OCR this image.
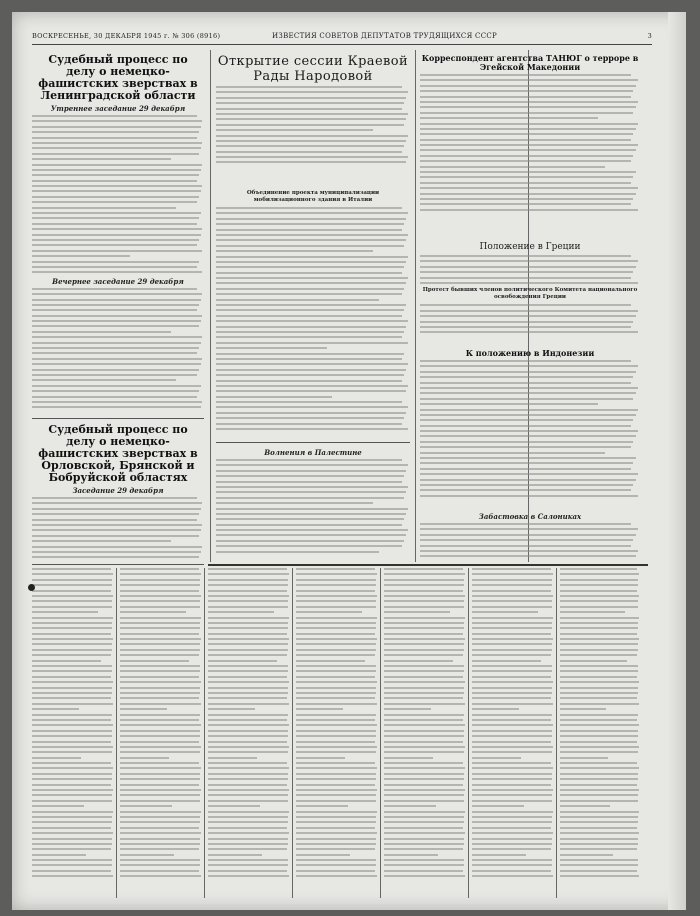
ВОСКРЕСЕНЬЕ, 30 ДЕКАБРЯ 1945 г. № 306 (8916)	ИЗВЕСТИЯ СОВЕТОВ ДЕПУТАТОВ ТРУДЯЩИХСЯ СССР	3
Судебный процесс по делу о немецко-фашистских зверствах в Ленинградской области
Утреннее заседание 29 декабря
Вечернее заседание 29 декабря
Судебный процесс по делу о немецко-фашистских зверствах в Орловской, Брянской и Бобруйской областях
Заседание 29 декабря
Открытие сессии Краевой Рады Народовой
Объединение проекта муниципализации мобилизационного здания в Италии
Волнения в Палестине
Корреспондент агентства ТАНЮГ о терроре в Эгейской Македонии
Положение в Греции
Протест бывших членов политического Комитета национального освобождения Греции
К положению в Индонезии
Забастовка в Салониках
